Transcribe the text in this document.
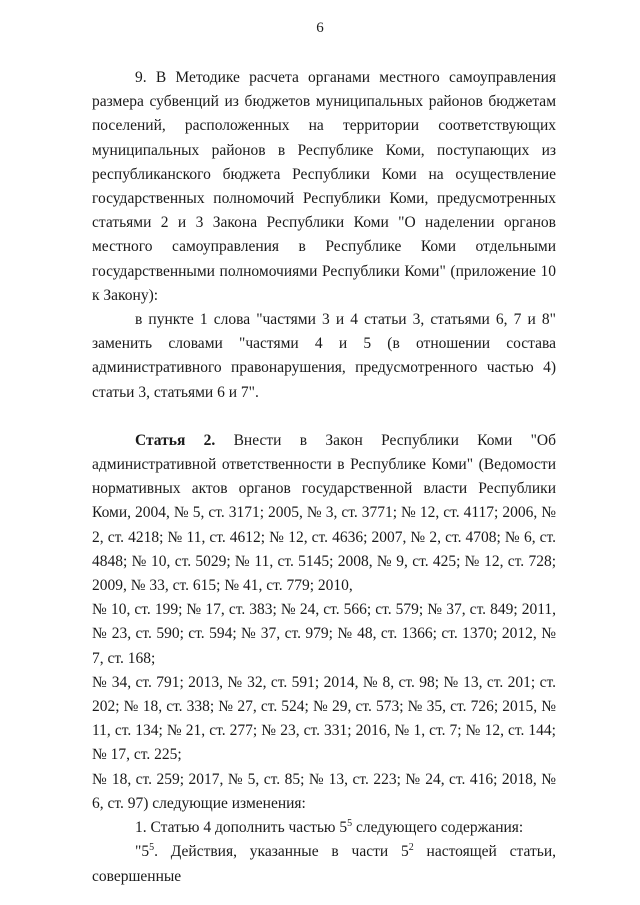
6

9. В Методике расчета органами местного самоуправления размера субвенций из бюджетов муниципальных районов бюджетам поселений, расположенных на территории соответствующих муниципальных районов в Республике Коми, поступающих из республиканского бюджета Республики Коми на осуществление государственных полномочий Республики Коми, предусмотренных статьями 2 и 3 Закона Республики Коми "О наделении органов местного самоуправления в Республике Коми отдельными государственными полномочиями Республики Коми" (приложение 10 к Закону):

в пункте 1 слова "частями 3 и 4 статьи 3, статьями 6, 7 и 8" заменить словами "частями 4 и 5 (в отношении состава административного правонарушения, предусмотренного частью 4) статьи 3, статьями 6 и 7".

Статья 2. Внести в Закон Республики Коми "Об административной ответственности в Республике Коми" (Ведомости нормативных актов органов государственной власти Республики Коми, 2004, № 5, ст. 3171; 2005, № 3, ст. 3771; № 12, ст. 4117; 2006, № 2, ст. 4218; № 11, ст. 4612; № 12, ст. 4636; 2007, № 2, ст. 4708; № 6, ст. 4848; № 10, ст. 5029; № 11, ст. 5145; 2008, № 9, ст. 425; № 12, ст. 728; 2009, № 33, ст. 615; № 41, ст. 779; 2010,

№ 10, ст. 199; № 17, ст. 383; № 24, ст. 566; ст. 579; № 37, ст. 849; 2011, № 23, ст. 590; ст. 594; № 37, ст. 979; № 48, ст. 1366; ст. 1370; 2012, № 7, ст. 168;

№ 34, ст. 791; 2013, № 32, ст. 591; 2014, № 8, ст. 98; № 13, ст. 201; ст. 202; № 18, ст. 338; № 27, ст. 524; № 29, ст. 573; № 35, ст. 726; 2015, № 11, ст. 134; № 21, ст. 277; № 23, ст. 331; 2016, № 1, ст. 7; № 12, ст. 144; № 17, ст. 225;

№ 18, ст. 259; 2017, № 5, ст. 85; № 13, ст. 223; № 24, ст. 416; 2018, № 6, ст. 97) следующие изменения:

1. Статью 4 дополнить частью $5^5$ следующего содержания:

"$5^5$. Действия, указанные в части $5^2$ настоящей статьи, совершенные
